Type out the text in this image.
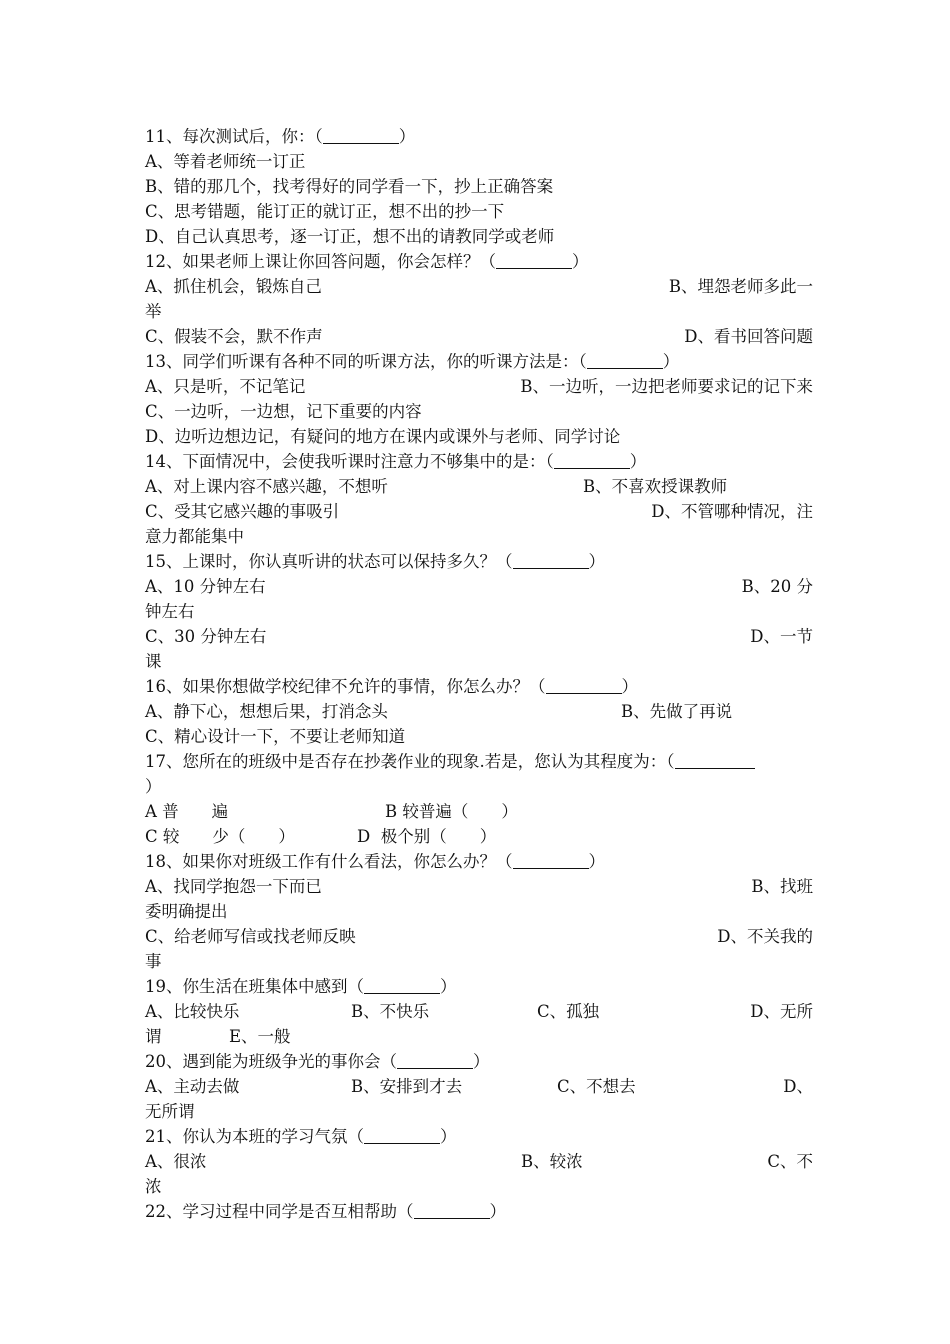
11、每次测试后，你：（	）
A、等着老师统一订正
B、错的那几个，找考得好的同学看一下，抄上正确答案
C、思考错题，能订正的就订正，想不出的抄一下
D、自己认真思考，逐一订正，想不出的请教同学或老师
12、如果老师上课让你回答问题，你会怎样？（	）
A、抓住机会，锻炼自己	B、埋怨老师多此一
举
C、假装不会，默不作声	D、看书回答问题
13、同学们听课有各种不同的听课方法，你的听课方法是：（	）
A、只是听，不记笔记	B、一边听，一边把老师要求记的记下来
C、一边听，一边想，记下重要的内容
D、边听边想边记，有疑问的地方在课内或课外与老师、同学讨论
14、下面情况中，会使我听课时注意力不够集中的是：（	）
A、对上课内容不感兴趣，不想听	B、不喜欢授课教师
C、受其它感兴趣的事吸引	D、不管哪种情况，注
意力都能集中
15、上课时，你认真听讲的状态可以保持多久？（	）
A、10 分钟左右	B、20 分
钟左右
C、30 分钟左右	D、一节
课
16、如果你想做学校纪律不允许的事情，你怎么办？（	）
A、静下心，想想后果，打消念头	B、先做了再说
C、精心设计一下，不要让老师知道
17、您所在的班级中是否存在抄袭作业的现象.若是，您认为其程度为：（
）
A 普　　遍	B 较普遍（　　）
C 较　　少（　　）	D  极个别（　　）
18、如果你对班级工作有什么看法，你怎么办？（	）
A、找同学抱怨一下而已	B、找班
委明确提出
C、给老师写信或找老师反映	D、不关我的
事
19、你生活在班集体中感到（	）
A、比较快乐	B、不快乐	C、孤独	D、无所
谓	E、一般
20、遇到能为班级争光的事你会（	）
A、主动去做	B、安排到才去	C、不想去	D、
无所谓
21、你认为本班的学习气氛（	）
A、很浓	B、较浓	C、不
浓
22、学习过程中同学是否互相帮助（	）
